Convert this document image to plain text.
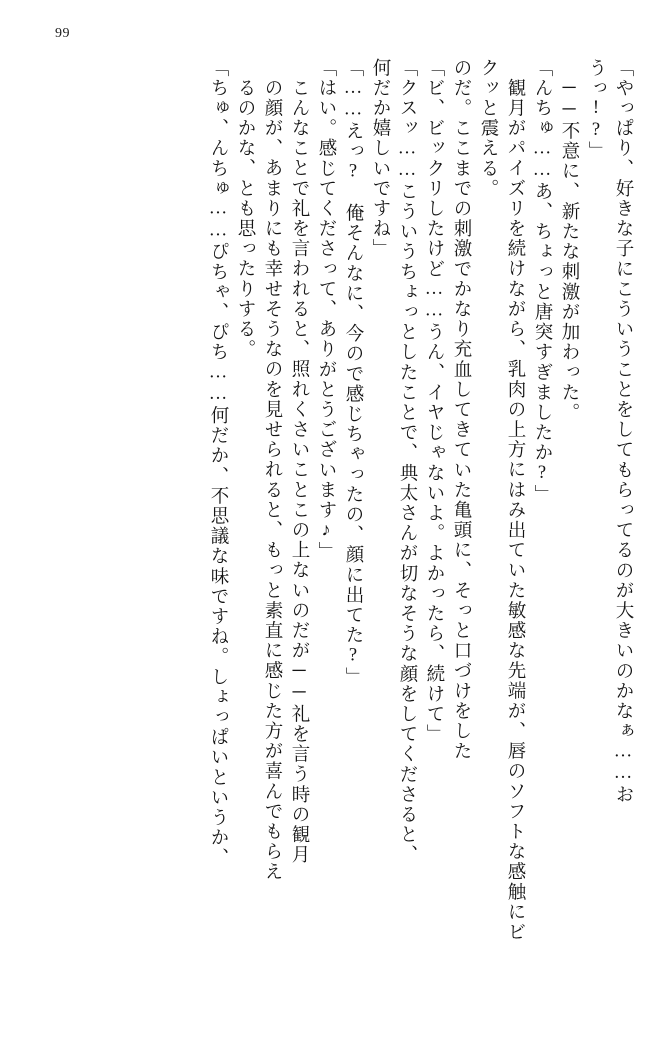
99
「やっぱり、好きな子にこういうことをしてもらってるのが大きいのかなぁ……お
うっ!?」
──不意に、新たな刺激が加わった。
「んちゅ……あ、ちょっと唐突すぎましたか?」
観月がパイズリを続けながら、乳肉の上方にはみ出ていた敏感な先端が、唇のソフトな感触にビ
クッと震える。
のだ。ここまでの刺激でかなり充血してきていた亀頭に、そっと口づけをした
「ビ、ビックリしたけど……うん、イヤじゃないよ。よかったら、続けて」
「クスッ……こういうちょっとしたことで、典太さんが切なそうな顔をしてくださると、
何だか嬉しいですね」
「……えっ?　俺そんなに、今ので感じちゃったの、顔に出てた?」
「はい。感じてくださって、ありがとうございます♪」
こんなことで礼を言われると、照れくさいことこの上ないのだが──礼を言う時の観月
の顔が、あまりにも幸せそうなのを見せられると、もっと素直に感じた方が喜んでもらえ
るのかな、とも思ったりする。
「ちゅ、んちゅ……ぴちゃ、ぴち……何だか、不思議な味ですね。しょっぱいというか、
